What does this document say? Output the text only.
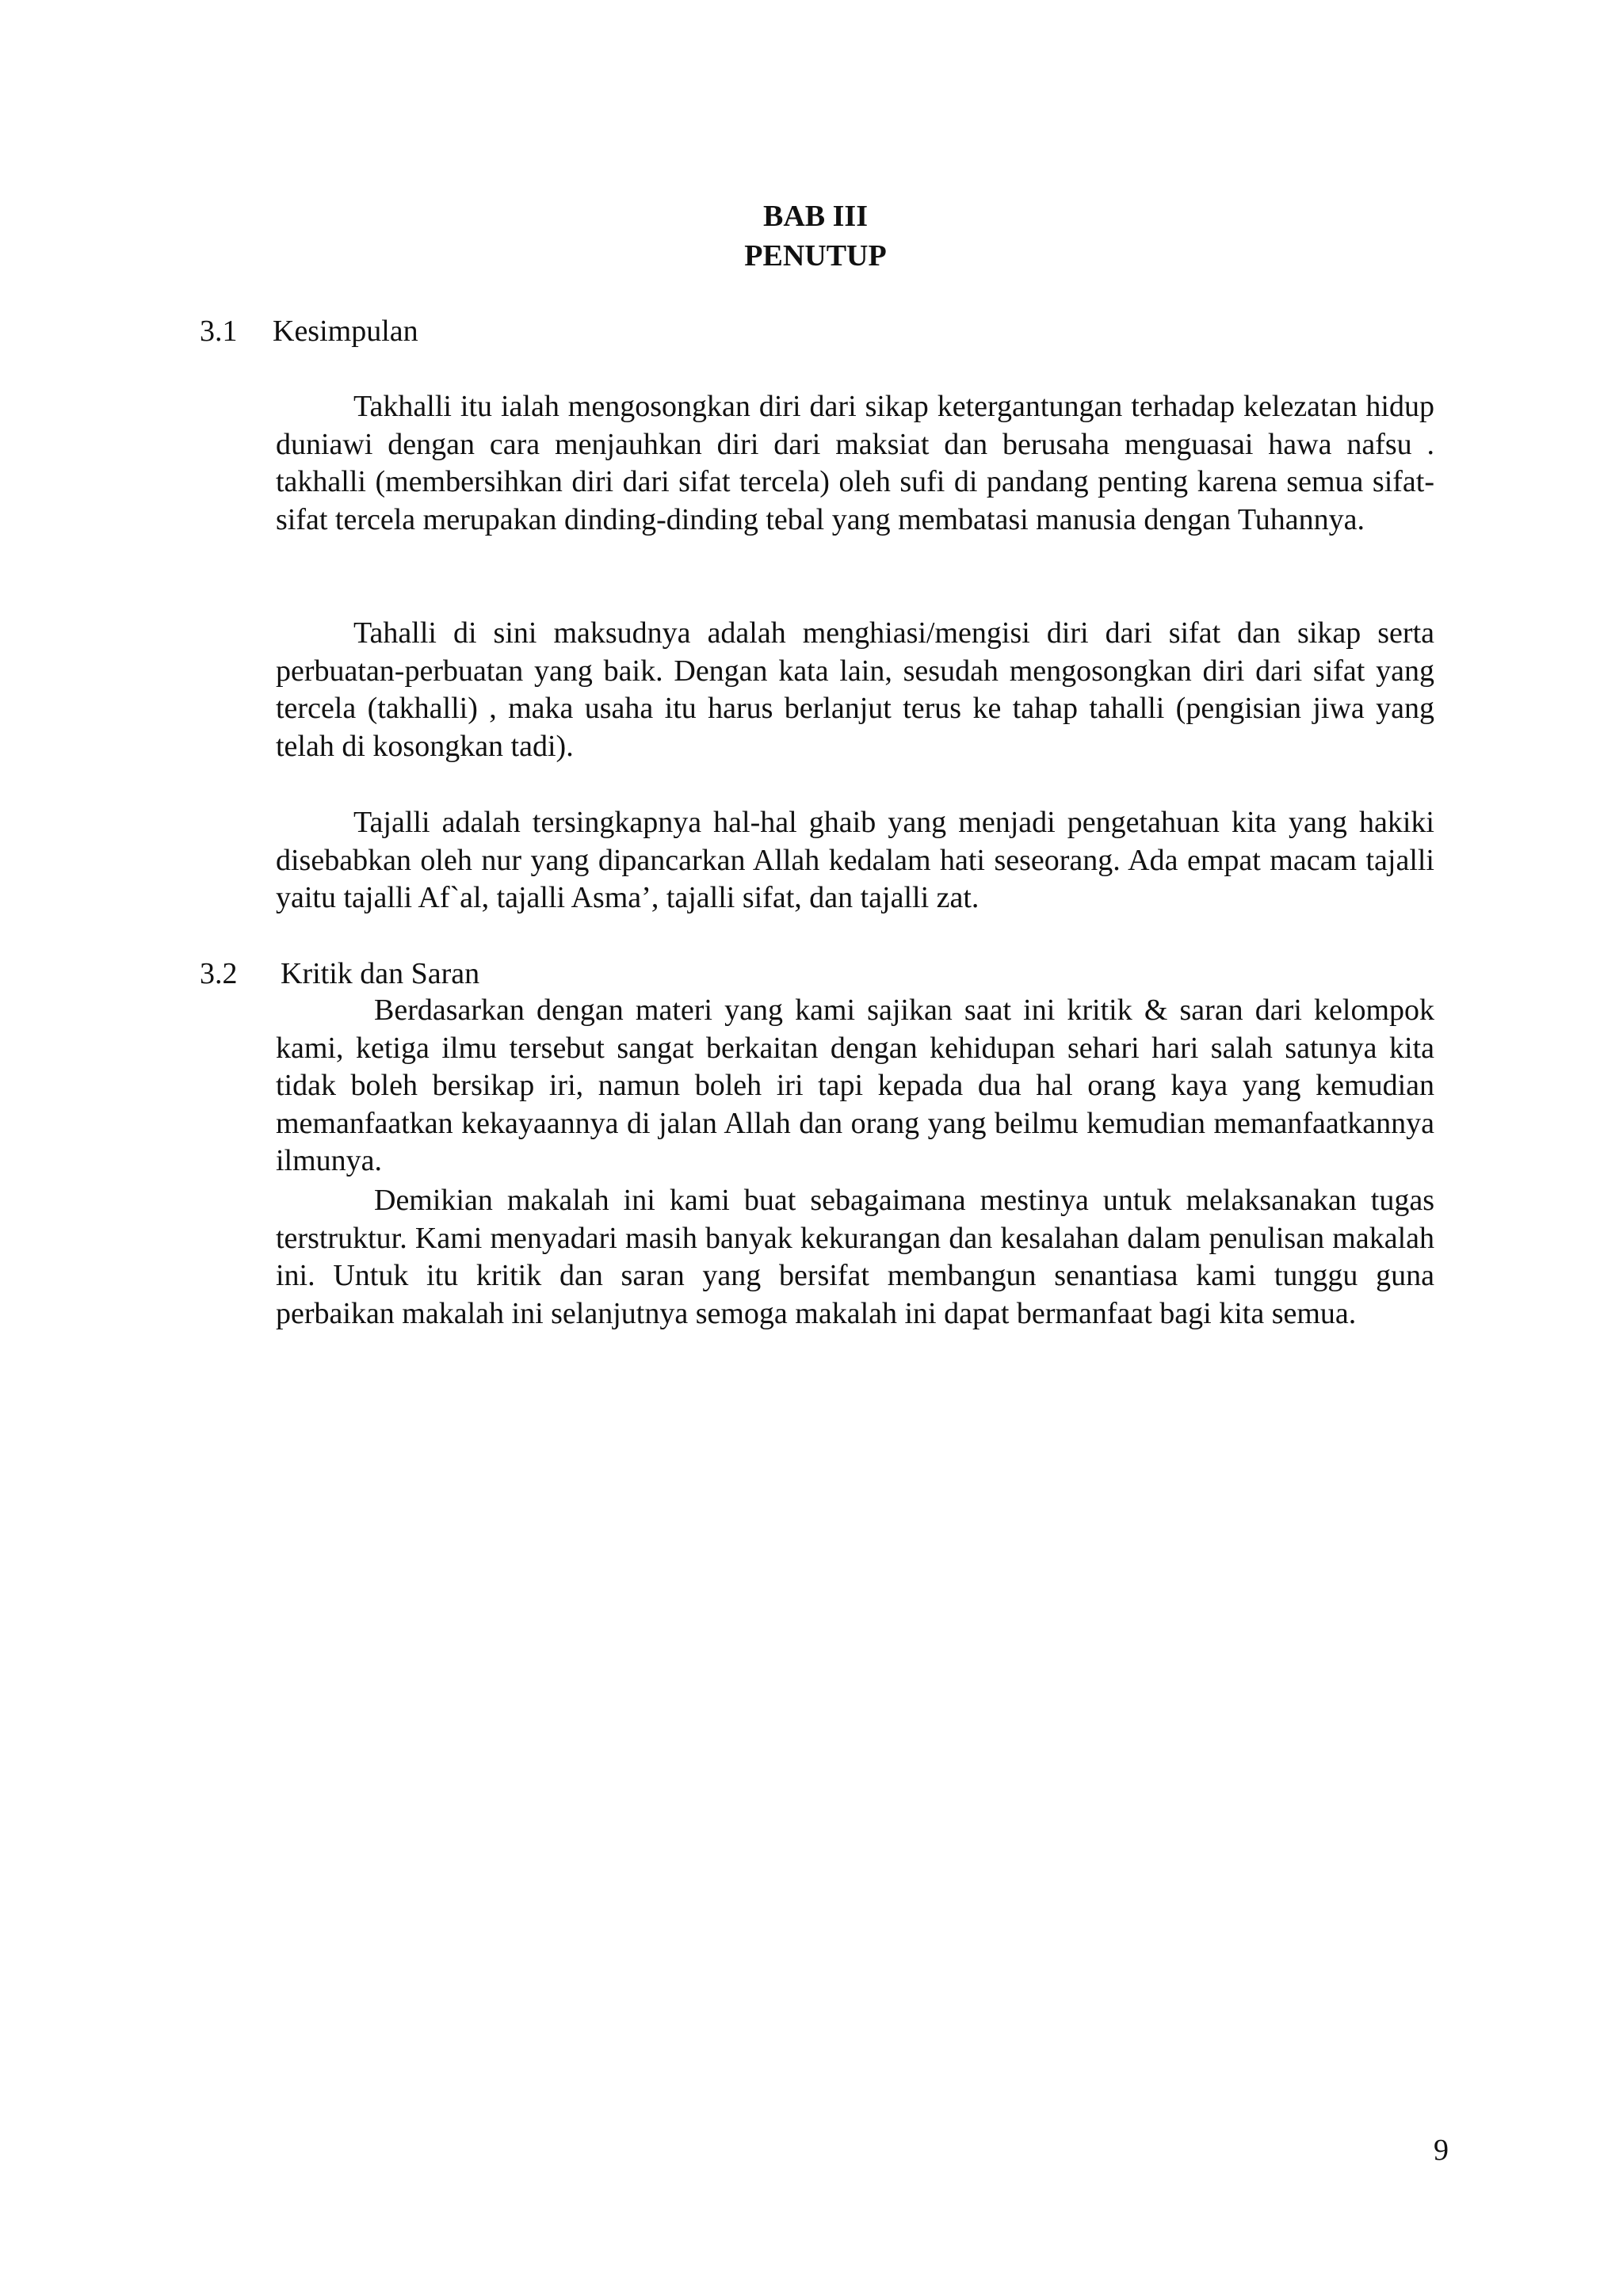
BAB III
PENUTUP
3.1 Kesimpulan

Takhalli itu ialah mengosongkan diri dari sikap ketergantungan terhadap kelezatan hidup duniawi dengan cara menjauhkan diri dari maksiat dan berusaha menguasai hawa nafsu . takhalli (membersihkan diri dari sifat tercela) oleh sufi di pandang penting karena semua sifat-sifat tercela merupakan dinding-dinding tebal yang membatasi manusia dengan Tuhannya.

Tahalli di sini maksudnya adalah menghiasi/mengisi diri dari sifat dan sikap serta perbuatan-perbuatan yang baik. Dengan kata lain, sesudah mengosongkan diri dari sifat yang tercela (takhalli) , maka usaha itu harus berlanjut terus ke tahap tahalli (pengisian jiwa yang telah di kosongkan tadi).

Tajalli adalah tersingkapnya hal-hal ghaib yang menjadi pengetahuan kita yang hakiki disebabkan oleh nur yang dipancarkan Allah kedalam hati seseorang. Ada empat macam tajalli yaitu tajalli Af`al, tajalli Asma’, tajalli sifat, dan tajalli zat.

3.2 Kritik dan Saran

Berdasarkan dengan materi yang kami sajikan saat ini kritik & saran dari kelompok kami, ketiga ilmu tersebut sangat berkaitan dengan kehidupan sehari hari salah satunya kita tidak boleh bersikap iri, namun boleh iri tapi kepada dua hal orang kaya yang kemudian memanfaatkan kekayaannya di jalan Allah dan orang yang beilmu kemudian memanfaatkannya ilmunya.

Demikian makalah ini kami buat sebagaimana mestinya untuk melaksanakan tugas terstruktur. Kami menyadari masih banyak kekurangan dan kesalahan dalam penulisan makalah ini. Untuk itu kritik dan saran yang bersifat membangun senantiasa kami tunggu guna perbaikan makalah ini selanjutnya semoga makalah ini dapat bermanfaat bagi kita semua.

9
